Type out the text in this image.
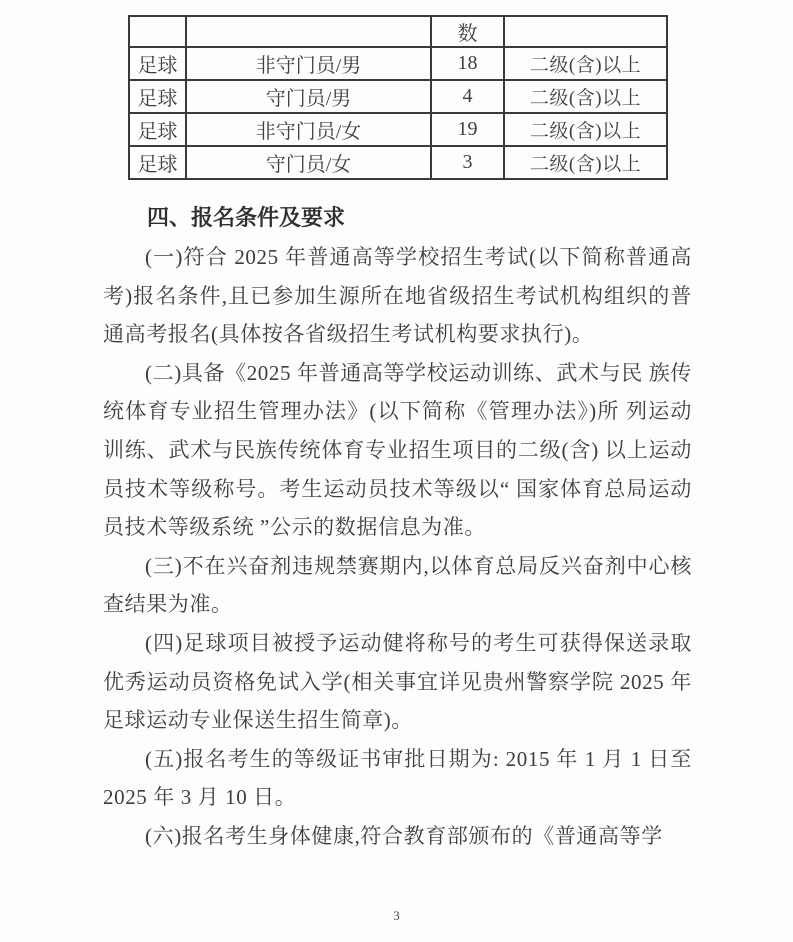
		数	
足球	非守门员/男	18	二级(含)以上
足球	守门员/男	4	二级(含)以上
足球	非守门员/女	19	二级(含)以上
足球	守门员/女	3	二级(含)以上
四、报名条件及要求

(一)符合 2025 年普通高等学校招生考试(以下简称普通高考)报名条件,且已参加生源所在地省级招生考试机构组织的普通高考报名(具体按各省级招生考试机构要求执行)。

(二)具备《2025 年普通高等学校运动训练、武术与民 族传统体育专业招生管理办法》(以下简称《管理办法》)所 列运动训练、武术与民族传统体育专业招生项目的二级(含) 以上运动员技术等级称号。考生运动员技术等级以“ 国家体育总局运动员技术等级系统 ”公示的数据信息为准。

(三)不在兴奋剂违规禁赛期内,以体育总局反兴奋剂中心核查结果为准。

(四)足球项目被授予运动健将称号的考生可获得保送录取优秀运动员资格免试入学(相关事宜详见贵州警察学院 2025 年足球运动专业保送生招生简章)。

(五)报名考生的等级证书审批日期为: 2015 年 1 月 1 日至 2025 年 3 月 10 日。

(六)报名考生身体健康,符合教育部颁布的《普通高等学

3
